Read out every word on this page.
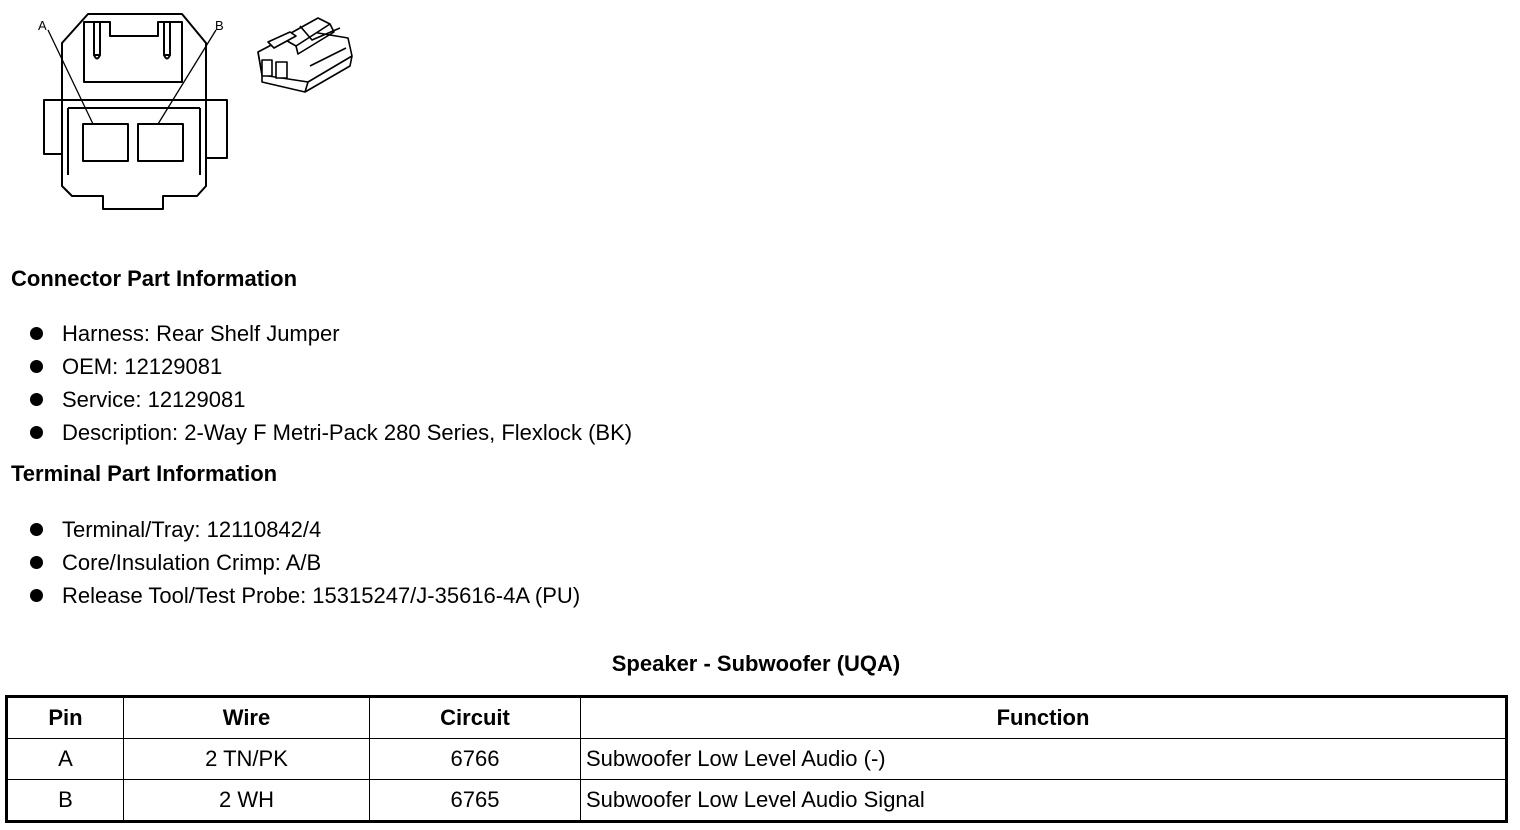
A	B
Connector Part Information
Harness: Rear Shelf Jumper
OEM: 12129081
Service: 12129081
Description: 2-Way F Metri-Pack 280 Series, Flexlock (BK)
Terminal Part Information
Terminal/Tray: 12110842/4
Core/Insulation Crimp: A/B
Release Tool/Test Probe: 15315247/J-35616-4A (PU)
Speaker - Subwoofer (UQA)
Pin	Wire	Circuit	Function
A	2 TN/PK	6766	Subwoofer Low Level Audio (-)
B	2 WH	6765	Subwoofer Low Level Audio Signal
